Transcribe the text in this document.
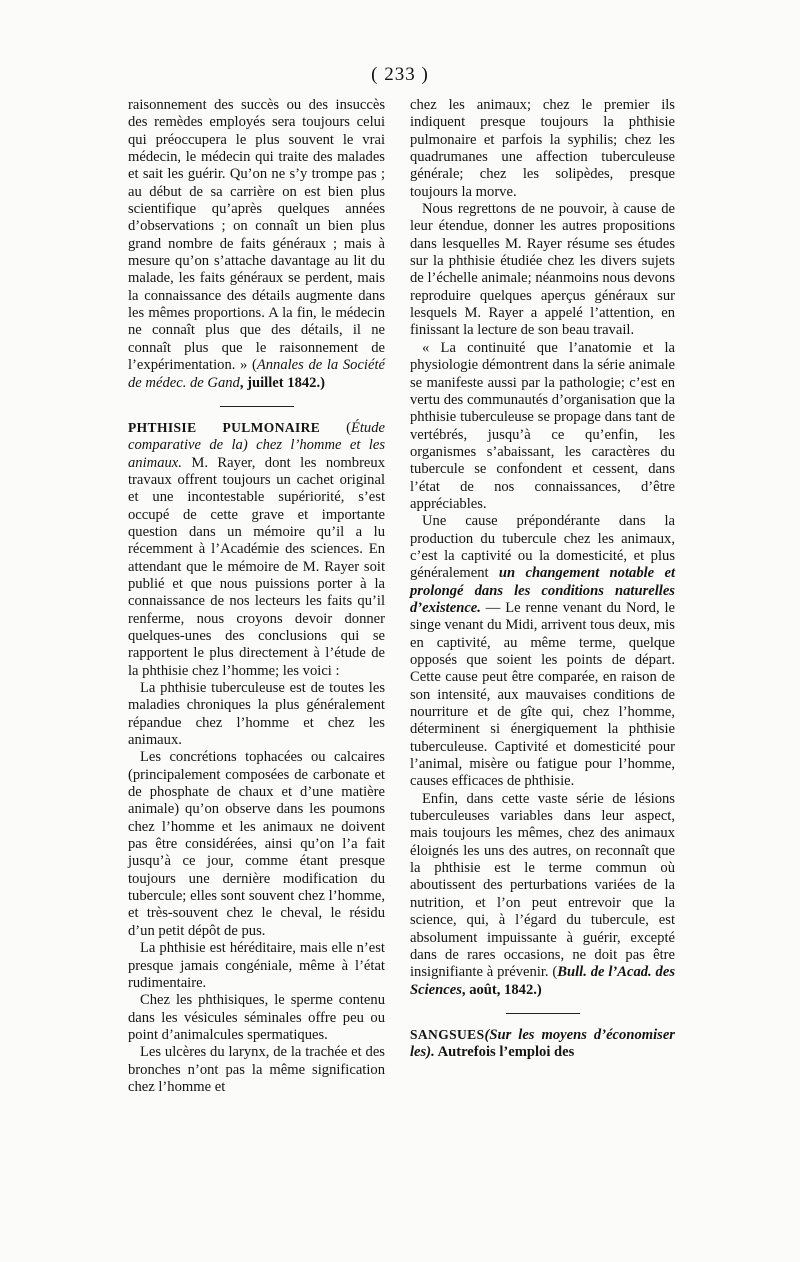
( 233 )

raisonnement des succès ou des insuccès des remèdes employés sera toujours celui qui préoccupera le plus souvent le vrai médecin, le médecin qui traite des malades et sait les guérir. Qu’on ne s’y trompe pas ; au début de sa carrière on est bien plus scientifique qu’après quelques années d’observations ; on connaît un bien plus grand nombre de faits généraux ; mais à mesure qu’on s’attache davantage au lit du malade, les faits généraux se perdent, mais la connaissance des détails augmente dans les mêmes proportions. A la fin, le médecin ne connaît plus que des détails, il ne connaît plus que le raisonnement de l’expérimentation. » (Annales de la Société de médec. de Gand, juillet 1842.)

PHTHISIE PULMONAIRE (Étude comparative de la) chez l’homme et les animaux. M. Rayer, dont les nombreux travaux offrent toujours un cachet original et une incontestable supériorité, s’est occupé de cette grave et importante question dans un mémoire qu’il a lu récemment à l’Académie des sciences. En attendant que le mémoire de M. Rayer soit publié et que nous puissions porter à la connaissance de nos lecteurs les faits qu’il renferme, nous croyons devoir donner quelques-unes des conclusions qui se rapportent le plus directement à l’étude de la phthisie chez l’homme; les voici :

La phthisie tuberculeuse est de toutes les maladies chroniques la plus généralement répandue chez l’homme et chez les animaux.

Les concrétions tophacées ou calcaires (principalement composées de carbonate et de phosphate de chaux et d’une matière animale) qu’on observe dans les poumons chez l’homme et les animaux ne doivent pas être considérées, ainsi qu’on l’a fait jusqu’à ce jour, comme étant presque toujours une dernière modification du tubercule; elles sont souvent chez l’homme, et très-souvent chez le cheval, le résidu d’un petit dépôt de pus.

La phthisie est héréditaire, mais elle n’est presque jamais congéniale, même à l’état rudimentaire.

Chez les phthisiques, le sperme contenu dans les vésicules séminales offre peu ou point d’animalcules spermatiques.

Les ulcères du larynx, de la trachée et des bronches n’ont pas la même signification chez l’homme et

chez les animaux; chez le premier ils indiquent presque toujours la phthisie pulmonaire et parfois la syphilis; chez les quadrumanes une affection tuberculeuse générale; chez les solipèdes, presque toujours la morve.

Nous regrettons de ne pouvoir, à cause de leur étendue, donner les autres propositions dans lesquelles M. Rayer résume ses études sur la phthisie étudiée chez les divers sujets de l’échelle animale; néanmoins nous devons reproduire quelques aperçus généraux sur lesquels M. Rayer a appelé l’attention, en finissant la lecture de son beau travail.

« La continuité que l’anatomie et la physiologie démontrent dans la série animale se manifeste aussi par la pathologie; c’est en vertu des communautés d’organisation que la phthisie tuberculeuse se propage dans tant de vertébrés, jusqu’à ce qu’enfin, les organismes s’abaissant, les caractères du tubercule se confondent et cessent, dans l’état de nos connaissances, d’être appréciables.

Une cause prépondérante dans la production du tubercule chez les animaux, c’est la captivité ou la domesticité, et plus généralement un changement notable et prolongé dans les conditions naturelles d’existence. — Le renne venant du Nord, le singe venant du Midi, arrivent tous deux, mis en captivité, au même terme, quelque opposés que soient les points de départ. Cette cause peut être comparée, en raison de son intensité, aux mauvaises conditions de nourriture et de gîte qui, chez l’homme, déterminent si énergiquement la phthisie tuberculeuse. Captivité et domesticité pour l’animal, misère ou fatigue pour l’homme, causes efficaces de phthisie.

Enfin, dans cette vaste série de lésions tuberculeuses variables dans leur aspect, mais toujours les mêmes, chez des animaux éloignés les uns des autres, on reconnaît que la phthisie est le terme commun où aboutissent des perturbations variées de la nutrition, et l’on peut entrevoir que la science, qui, à l’égard du tubercule, est absolument impuissante à guérir, excepté dans de rares occasions, ne doit pas être insignifiante à prévenir. (Bull. de l’Acad. des Sciences, août, 1842.)

SANGSUES(Sur les moyens d’économiser les). Autrefois l’emploi des
